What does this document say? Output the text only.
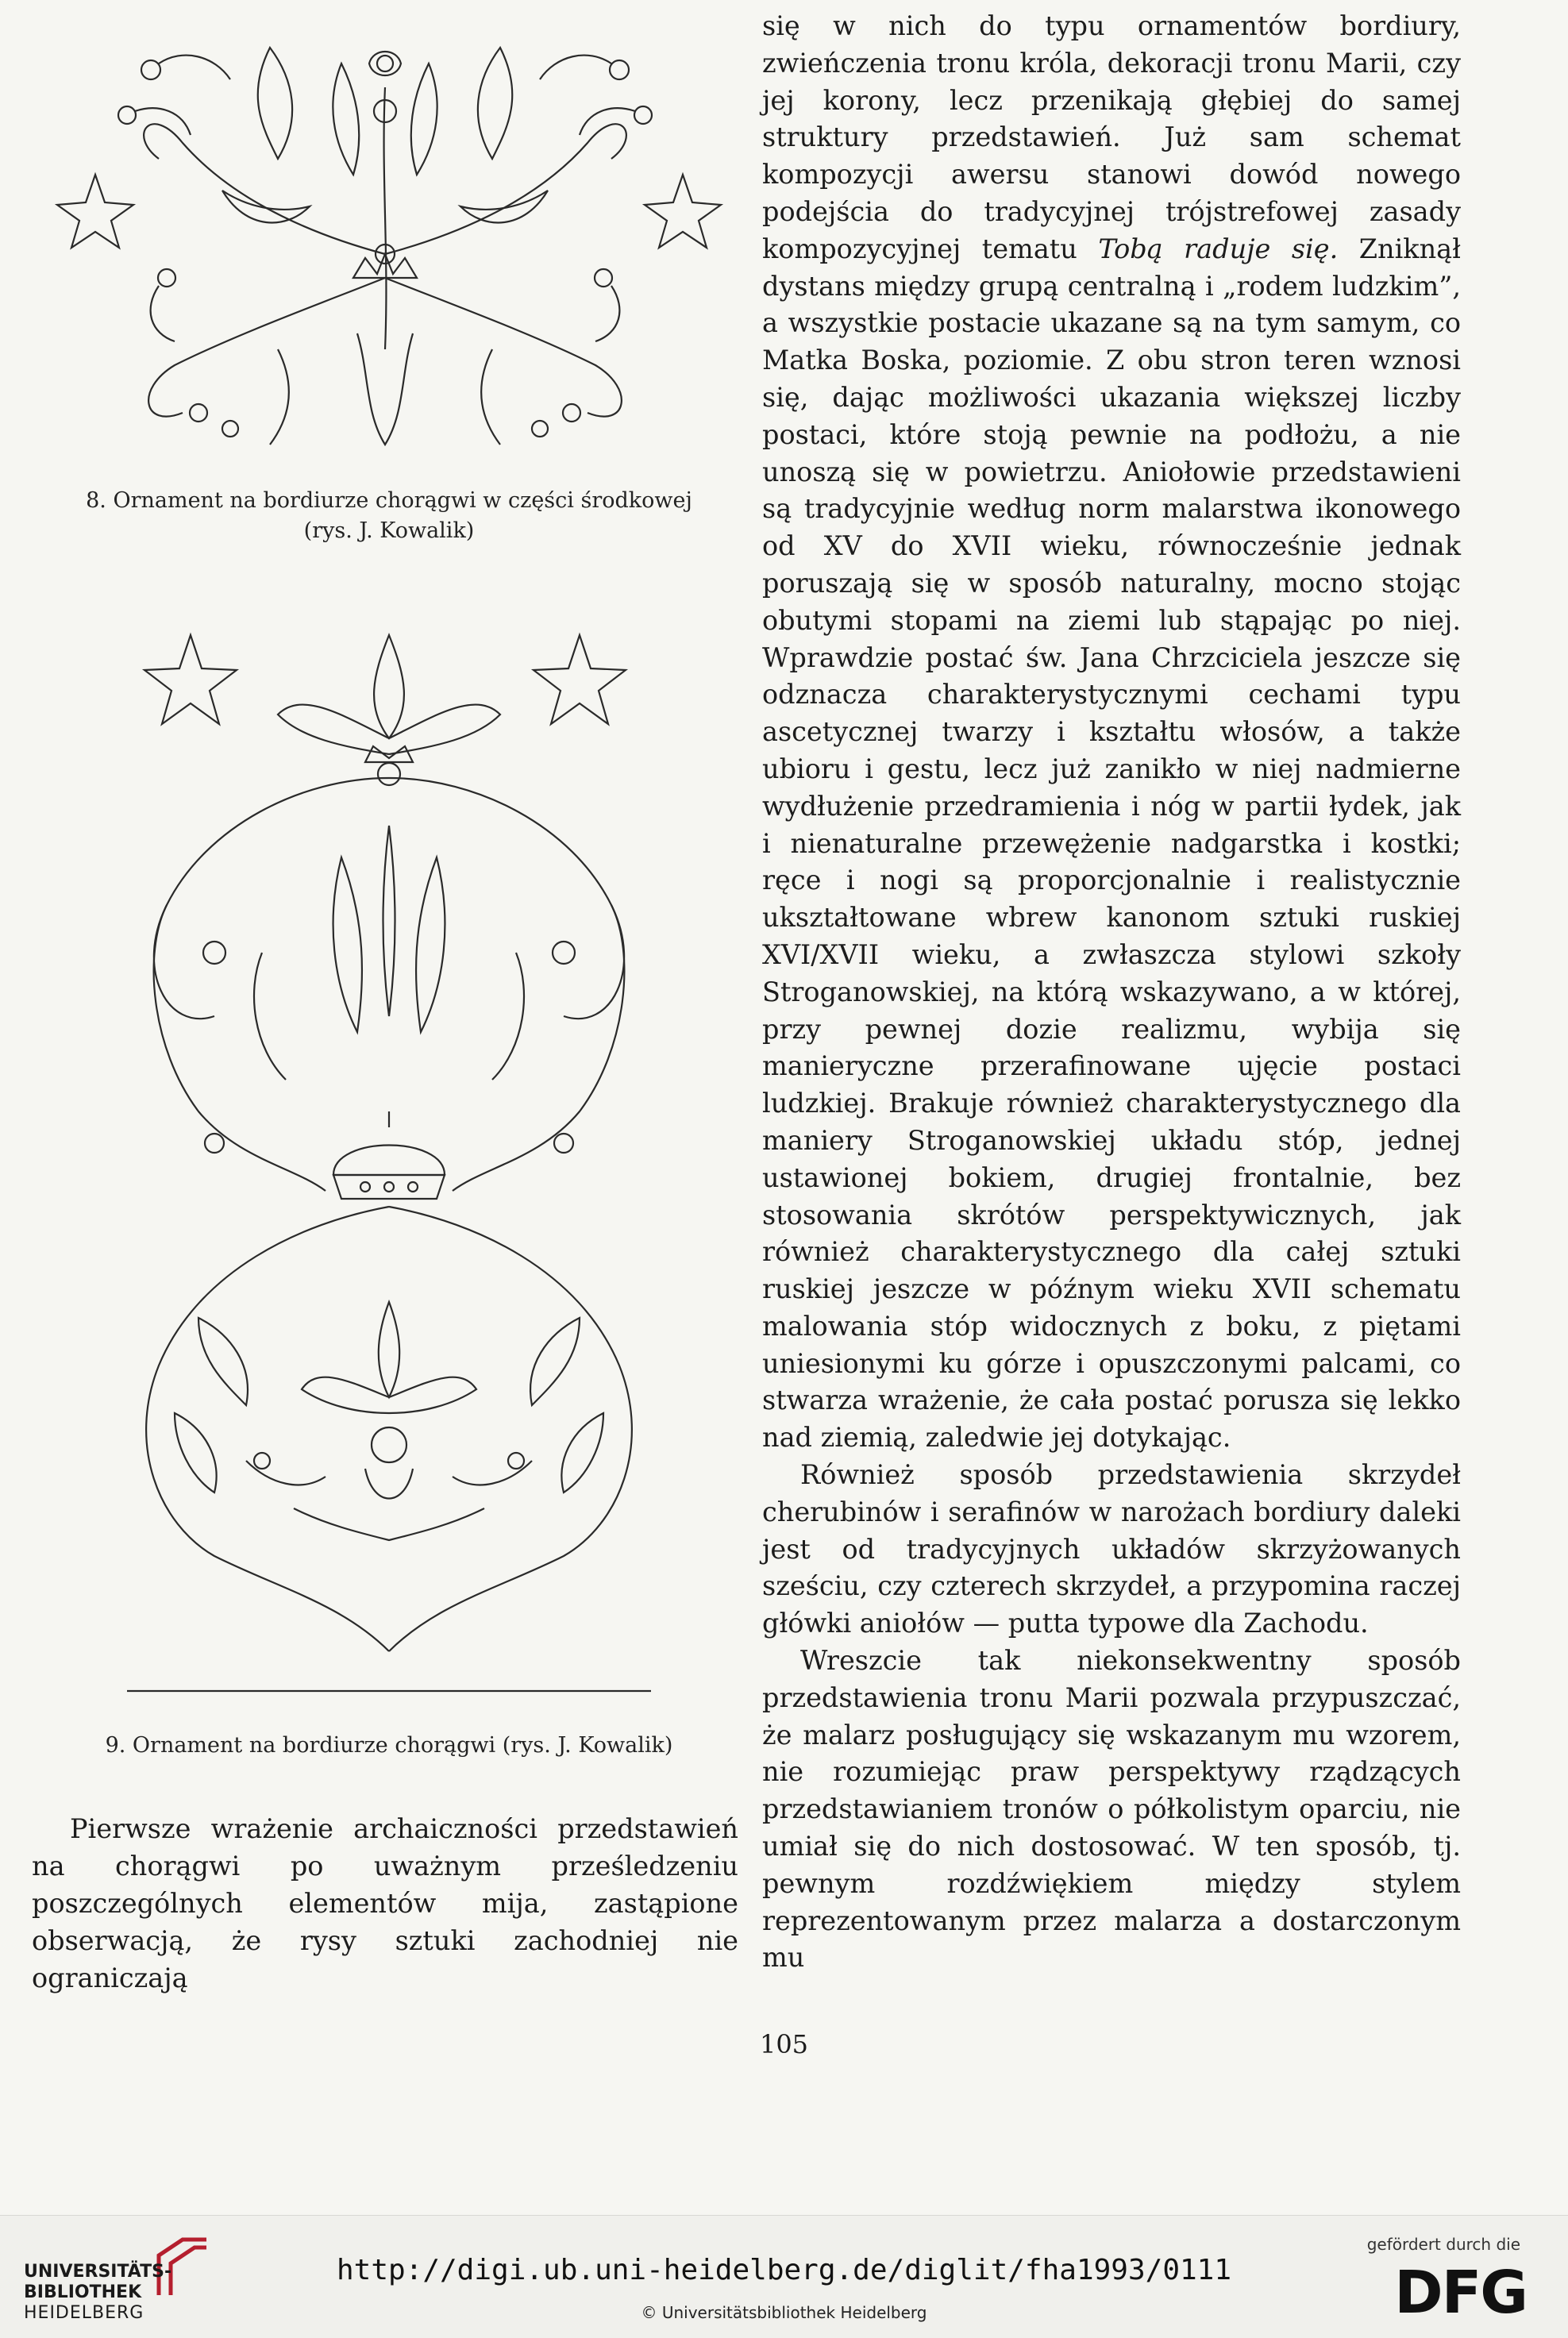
8. Ornament na bordiurze chorągwi w części środkowej
(rys. J. Kowalik)
9. Ornament na bordiurze chorągwi (rys. J. Kowalik)

Pierwsze wrażenie archaiczności przedstawień na chorągwi po uważnym prześledzeniu poszczególnych elementów mija, zastąpione obserwacją, że rysy sztuki zachodniej nie ograniczają

się w nich do typu ornamentów bordiury, zwieńczenia tronu króla, dekoracji tronu Marii, czy jej korony, lecz przenikają głębiej do samej struktury przedstawień. Już sam schemat kompozycji awersu stanowi dowód nowego podejścia do tradycyjnej trójstrefowej zasady kompozycyjnej tematu Tobą raduje się. Zniknął dystans między grupą centralną i „rodem ludzkim”, a wszystkie postacie ukazane są na tym samym, co Matka Boska, poziomie. Z obu stron teren wznosi się, dając możliwości ukazania większej liczby postaci, które stoją pewnie na podłożu, a nie unoszą się w powietrzu. Aniołowie przedstawieni są tradycyjnie według norm malarstwa ikonowego od XV do XVII wieku, równocześnie jednak poruszają się w sposób naturalny, mocno stojąc obutymi stopami na ziemi lub stąpając po niej. Wprawdzie postać św. Jana Chrzciciela jeszcze się odznacza charakterystycznymi cechami typu ascetycznej twarzy i kształtu włosów, a także ubioru i gestu, lecz już zanikło w niej nadmierne wydłużenie przedramienia i nóg w partii łydek, jak i nienaturalne przewężenie nadgarstka i kostki; ręce i nogi są proporcjonalnie i realistycznie ukształtowane wbrew kanonom sztuki ruskiej XVI/XVII wieku, a zwłaszcza stylowi szkoły Stroganowskiej, na którą wskazywano, a w której, przy pewnej dozie realizmu, wybija się manieryczne przerafinowane ujęcie postaci ludzkiej. Brakuje również charakterystycznego dla maniery Stroganowskiej układu stóp, jednej ustawionej bokiem, drugiej frontalnie, bez stosowania skrótów perspektywicznych, jak również charakterystycznego dla całej sztuki ruskiej jeszcze w późnym wieku XVII schematu malowania stóp widocznych z boku, z piętami uniesionymi ku górze i opuszczonymi palcami, co stwarza wrażenie, że cała postać porusza się lekko nad ziemią, zaledwie jej dotykając.

Również sposób przedstawienia skrzydeł cherubinów i serafinów w narożach bordiury daleki jest od tradycyjnych układów skrzyżowanych sześciu, czy czterech skrzydeł, a przypomina raczej główki aniołów — putta typowe dla Zachodu.

Wreszcie tak niekonsekwentny sposób przedstawienia tronu Marii pozwala przypuszczać, że malarz posługujący się wskazanym mu wzorem, nie rozumiejąc praw perspektywy rządzących przedstawianiem tronów o półkolistym oparciu, nie umiał się do nich dostosować. W ten sposób, tj. pewnym rozdźwiękiem między stylem reprezentowanym przez malarza a dostarczonym mu

105
UNIVERSITÄTS-
BIBLIOTHEK
HEIDELBERG
http://digi.ub.uni-heidelberg.de/diglit/fha1993/0111
© Universitätsbibliothek Heidelberg
gefördert durch die
DFG
